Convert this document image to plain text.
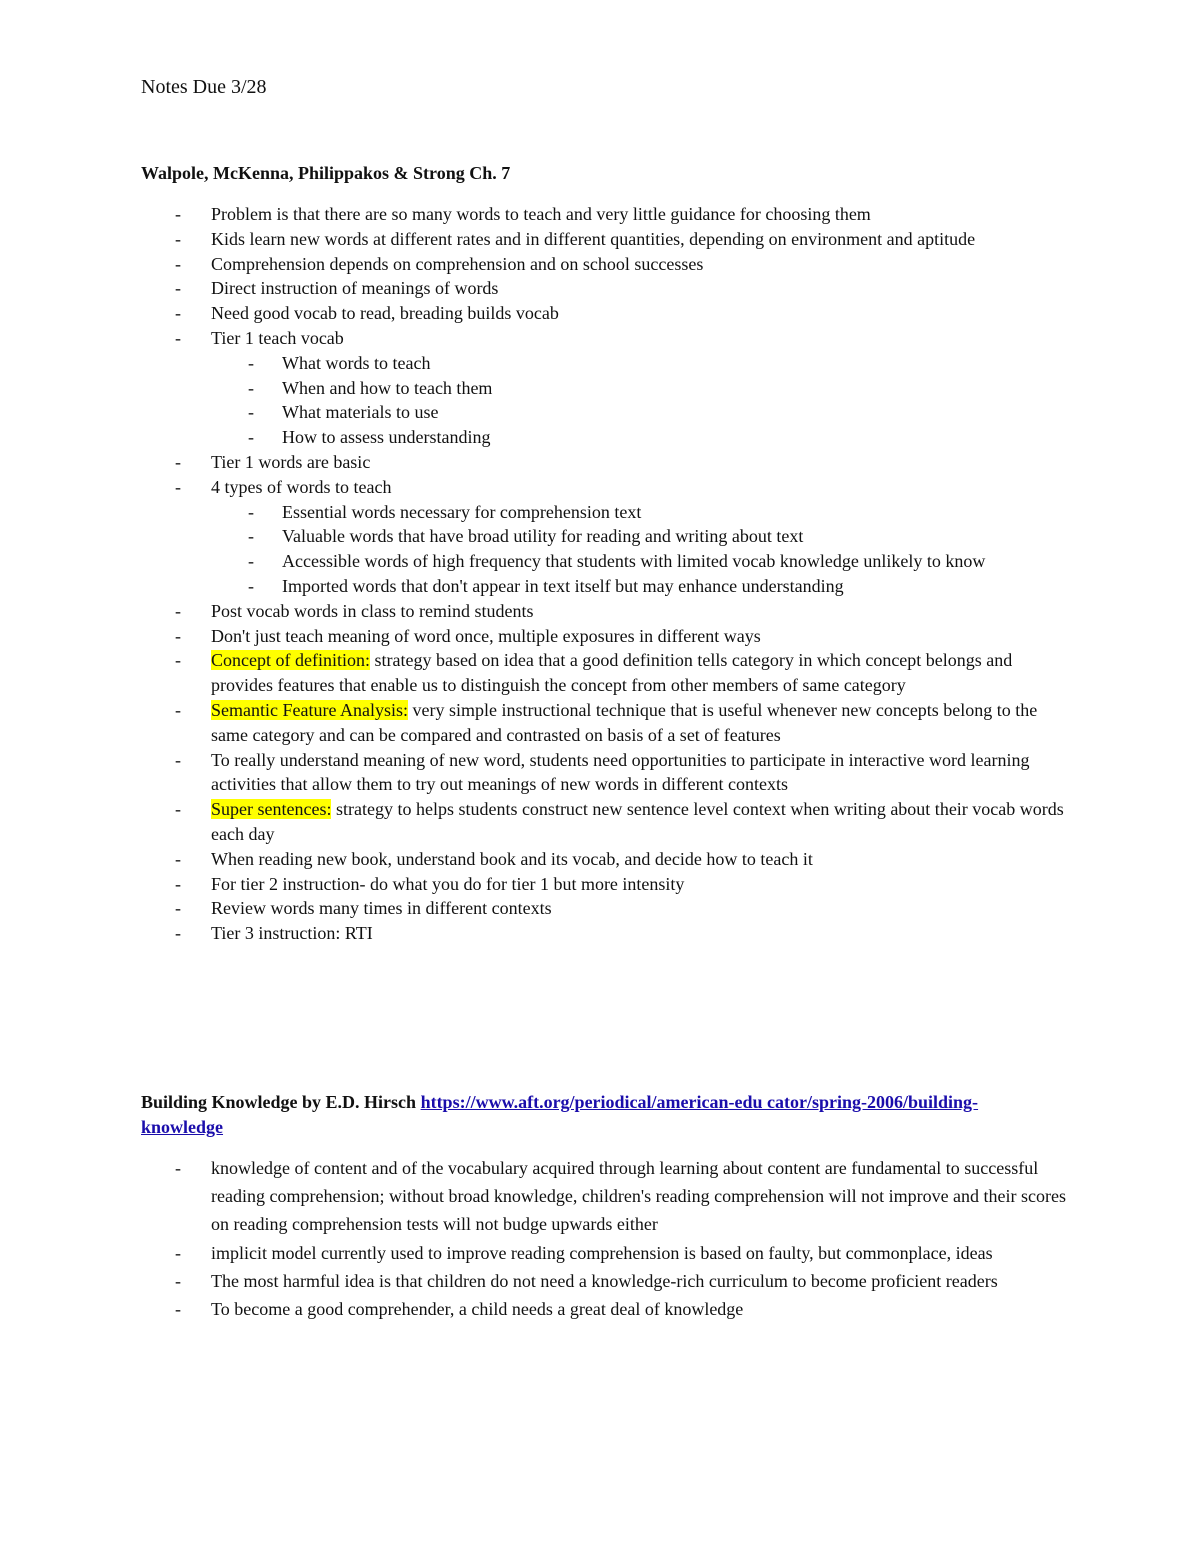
Notes Due 3/28
Walpole, McKenna, Philippakos & Strong Ch. 7
-	Problem is that there are so many words to teach and very little guidance for choosing them
-	Kids learn new words at different rates and in different quantities, depending on environment and aptitude
-	Comprehension depends on comprehension and on school successes
-	Direct instruction of meanings of words
-	Need good vocab to read, breading builds vocab
-	Tier 1 teach vocab
-	What words to teach
-	When and how to teach them
-	What materials to use
-	How to assess understanding
-	Tier 1 words are basic
-	4 types of words to teach
-	Essential words necessary for comprehension text
-	Valuable words that have broad utility for reading and writing about text
-	Accessible words of high frequency that students with limited vocab knowledge unlikely to know
-	Imported words that don't appear in text itself but may enhance understanding
-	Post vocab words in class to remind students
-	Don't just teach meaning of word once, multiple exposures in different ways
-	Concept of definition: strategy based on idea that a good definition tells category in which concept belongs and provides features that enable us to distinguish the concept from other members of same category
-	Semantic Feature Analysis: very simple instructional technique that is useful whenever new concepts belong to the same category and can be compared and contrasted on basis of a set of features
-	To really understand meaning of new word, students need opportunities to participate in interactive word learning activities that allow them to try out meanings of new words in different contexts
-	Super sentences: strategy to helps students construct new sentence level context when writing about their vocab words each day
-	When reading new book, understand book and its vocab, and decide how to teach it
-	For tier 2 instruction- do what you do for tier 1 but more intensity
-	Review words many times in different contexts
-	Tier 3 instruction: RTI
Building Knowledge by E.D. Hirsch https://www.aft.org/periodical/american-edu cator/spring-2006/building-knowledge
-	knowledge of content and of the vocabulary acquired through learning about content are fundamental to successful reading comprehension; without broad knowledge, children's reading comprehension will not improve and their scores on reading comprehension tests will not budge upwards either
-	implicit model currently used to improve reading comprehension is based on faulty, but commonplace, ideas
-	The most harmful idea is that children do not need a knowledge-rich curriculum to become proficient readers
-	To become a good comprehender, a child needs a great deal of knowledge
